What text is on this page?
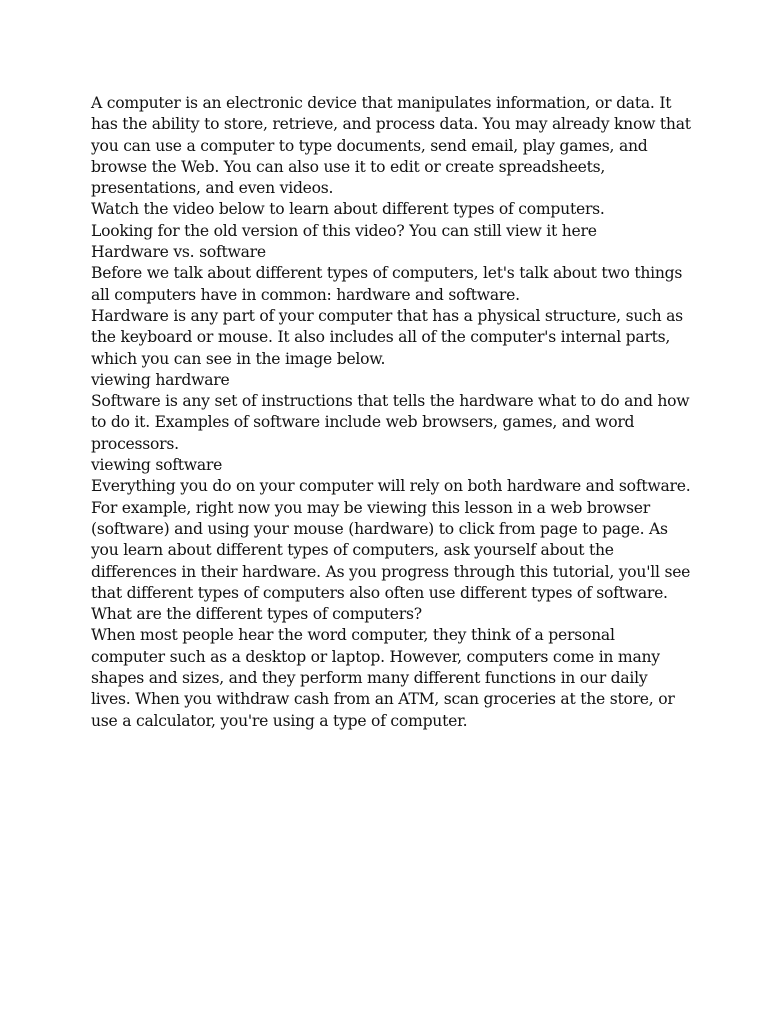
A computer is an electronic device that manipulates information, or data. It has the ability to store, retrieve, and process data. You may already know that you can use a computer to type documents, send email, play games, and browse the Web. You can also use it to edit or create spreadsheets, presentations, and even videos.

Watch the video below to learn about different types of computers.

Looking for the old version of this video? You can still view it here

Hardware vs. software

Before we talk about different types of computers, let's talk about two things all computers have in common: hardware and software.

Hardware is any part of your computer that has a physical structure, such as the keyboard or mouse. It also includes all of the computer's internal parts, which you can see in the image below.

viewing hardware

Software is any set of instructions that tells the hardware what to do and how to do it. Examples of software include web browsers, games, and word processors.

viewing software

Everything you do on your computer will rely on both hardware and software. For example, right now you may be viewing this lesson in a web browser (software) and using your mouse (hardware) to click from page to page. As you learn about different types of computers, ask yourself about the differences in their hardware. As you progress through this tutorial, you'll see that different types of computers also often use different types of software.

What are the different types of computers?

When most people hear the word computer, they think of a personal computer such as a desktop or laptop. However, computers come in many shapes and sizes, and they perform many different functions in our daily lives. When you withdraw cash from an ATM, scan groceries at the store, or use a calculator, you're using a type of computer.
